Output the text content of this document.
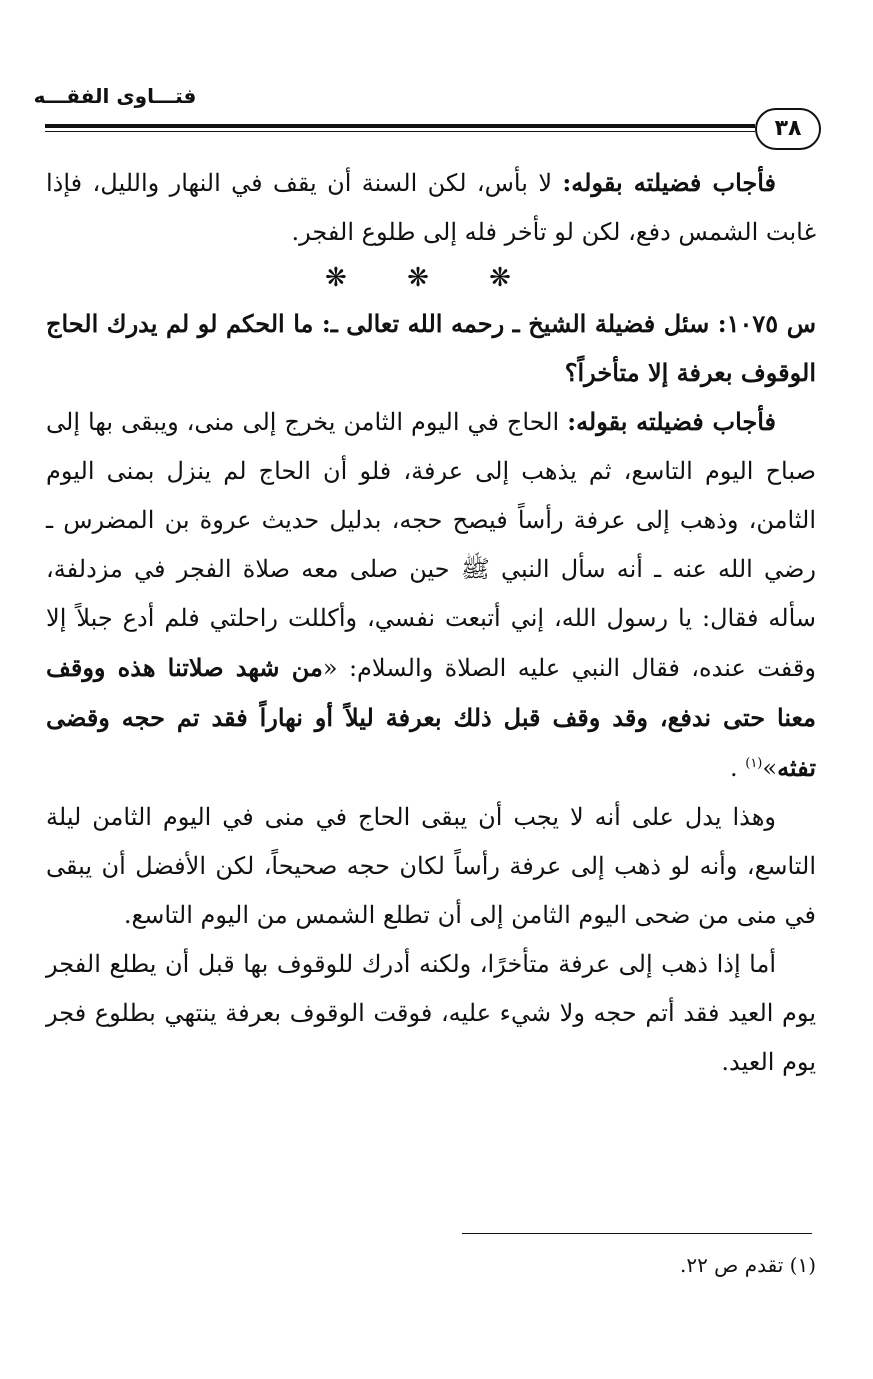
فتـــاوى الفقـــه
٣٨

فأجاب فضيلته بقوله: لا بأس، لكن السنة أن يقف في النهار والليل، فإذا غابت الشمس دفع، لكن لو تأخر فله إلى طلوع الفجر.

❋ ❋ ❋

س ١٠٧٥: سئل فضيلة الشيخ ـ رحمه الله تعالى ـ: ما الحكم لو لم يدرك الحاج الوقوف بعرفة إلا متأخراً؟

فأجاب فضيلته بقوله: الحاج في اليوم الثامن يخرج إلى منى، ويبقى بها إلى صباح اليوم التاسع، ثم يذهب إلى عرفة، فلو أن الحاج لم ينزل بمنى اليوم الثامن، وذهب إلى عرفة رأساً فيصح حجه، بدليل حديث عروة بن المضرس ـ رضي الله عنه ـ أنه سأل النبي ﷺ حين صلى معه صلاة الفجر في مزدلفة، سأله فقال: يا رسول الله، إني أتبعت نفسي، وأكللت راحلتي فلم أدع جبلاً إلا وقفت عنده، فقال النبي عليه الصلاة والسلام: «من شهد صلاتنا هذه ووقف معنا حتى ندفع، وقد وقف قبل ذلك بعرفة ليلاً أو نهاراً فقد تم حجه وقضى تفثه»$^{(١)}$ .

وهذا يدل على أنه لا يجب أن يبقى الحاج في منى في اليوم الثامن ليلة التاسع، وأنه لو ذهب إلى عرفة رأساً لكان حجه صحيحاً، لكن الأفضل أن يبقى في منى من ضحى اليوم الثامن إلى أن تطلع الشمس من اليوم التاسع.

أما إذا ذهب إلى عرفة متأخرًا، ولكنه أدرك للوقوف بها قبل أن يطلع الفجر يوم العيد فقد أتم حجه ولا شيء عليه، فوقت الوقوف بعرفة ينتهي بطلوع فجر يوم العيد.

(١) تقدم ص ٢٢.
